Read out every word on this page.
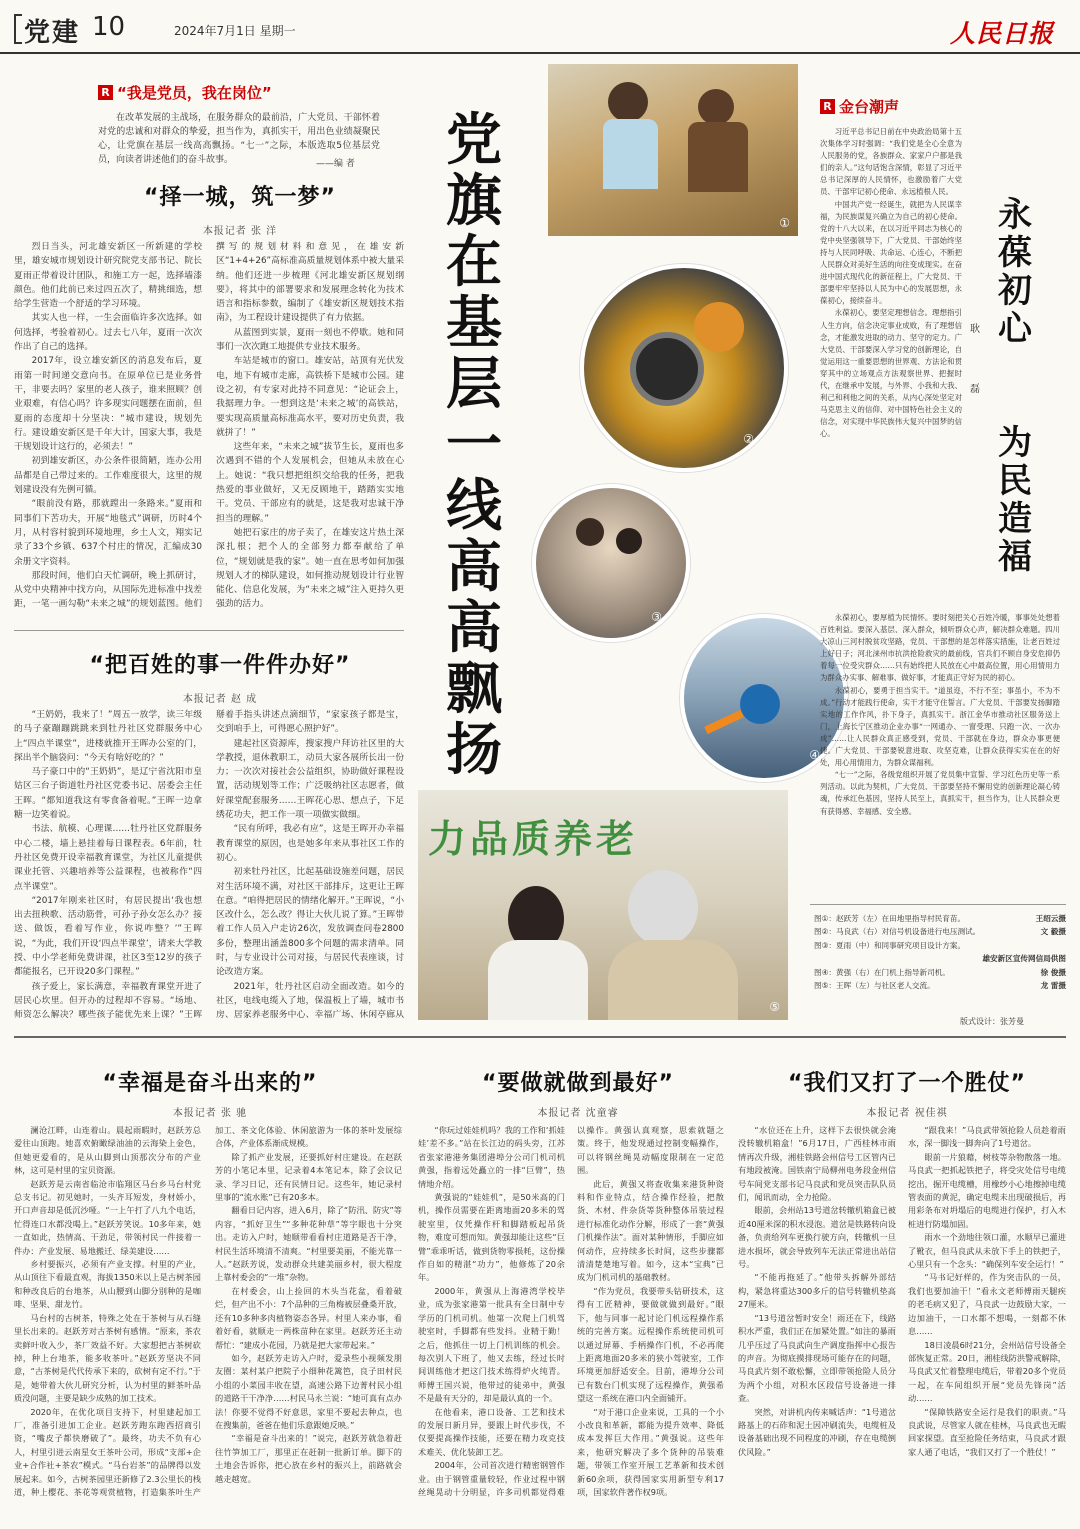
党建 10	2024年7月1日 星期一	人民日报
R “我是党员，我在岗位”
在改革发展的主战场，在服务群众的最前沿，广大党员、干部怀着对党的忠诚和对群众的挚爱，担当作为，真抓实干，用出色业绩凝聚民心，让党旗在基层一线高高飘扬。“七一”之际，本版选取5位基层党员，向读者讲述他们的奋斗故事。	——编 者
“择一城，筑一梦”
本报记者 张 洋

烈日当头，河北雄安新区一所新建的学校里，雄安城市规划设计研究院党支部书记、院长夏雨正带着设计团队，和施工方一起，选择墙漆颜色。他们此前已来过四五次了，精挑细选，想给学生营造一个舒适的学习环境。

其实人也一样，一生会面临许多次选择。如何选择，考验着初心。过去七八年，夏雨一次次作出了自己的选择。

2017年，设立雄安新区的消息发布后，夏雨第一时间递交意向书。在原单位已是业务骨干，非要去吗？家里的老人孩子，谁来照顾？创业艰难，有信心吗？许多现实问题摆在面前，但夏雨的态度却十分坚决：“城市建设，规划先行。建设雄安新区是千年大计，国家大事，我是干规划设计这行的，必须去！”

初到雄安新区，办公条件很简陋，连办公用品都是自己带过来的。工作难度很大，这里的规划建设没有先例可循。

“眼前没有路，那就蹚出一条路来。”夏雨和同事们下苦功夫，开展“地毯式”调研，历时4个月，从村容村貌到环境地理，乡土人文，翔实记录了33个乡镇、637个村庄的情况，汇编成30余册文字资料。

那段时间，他们白天忙调研，晚上抓研讨，从党中央精神中找方向，从国际先进标准中找差距，一笔一画勾勒“未来之城”的规划蓝图。他们撰写的规划材料和意见，在雄安新区“1+4+26”高标准高质量规划体系中被大量采纳。他们还进一步梳理《河北雄安新区规划纲要》，将其中的部署要求和发展理念转化为技术语言和指标参数，编制了《雄安新区规划技术指南》，为工程设计建设提供了有力依据。

从蓝图到实景，夏雨一刻也不停歇。她和同事们一次次跑工地提供专业技术服务。

车站是城市的窗口。雄安站，站顶有光伏发电，地下有城市走廊，高铁桥下是城市公园。建设之初，有专家对此持不同意见：“论证会上，我据理力争。一想到这是‘未来之城’的高铁站，要实现高质量高标准高水平，要对历史负责，我就拼了！”

这些年来，“未来之城”拔节生长，夏雨也多次遇到不错的个人发展机会，但她从未放在心上。她说：“我只想把组织交给我的任务，把我热爱的事业做好，又无反顾地干，踏踏实实地干。党员、干部应有的就是，这是我对忠诚干净担当的理解。”

她把石家庄的房子卖了，在雄安这片热土深深扎根；把个人的全部努力都奉献给了单位，“规划就是我的家”。她一直在思考如何加强规划人才的梯队建设，如何推动规划设计行业智能化、信息化发展，为“未来之城”注入更持久更强劲的活力。

“把百姓的事一件件办好”
本报记者 赵 成

“王奶奶，我来了！”周五一放学，读三年级的马子豪蹦蹦跳跳来到牡丹社区党群服务中心上“四点半课堂”，进楼就推开王晖办公室的门，探出半个脑袋问：“今天有啥好吃的？”

马子豪口中的“王奶奶”，是辽宁省沈阳市皇姑区三台子街道牡丹社区党委书记、居委会主任王晖。“都知道我这有零食备着呢。”王晖一边拿糖一边笑着说。

书法、航模、心理课……牡丹社区党群服务中心二楼，墙上悬挂着每日课程表。6年前，牡丹社区免费开设幸福教育课堂，为社区儿童提供课业托管、兴趣培养等公益课程，也被称作“四点半课堂”。

“2017年刚来社区时，有居民提出‘我也想出去扭秧歌、活动筋骨，可孙子孙女怎么办？接送、做饭，看着写作业，你说咋整？’”王晖说，“为此，我们开设‘四点半课堂’，请来大学教授、中小学老师免费讲课，社区3至12岁的孩子都能报名，已开设20多门课程。”

孩子爱上，家长满意，幸福教育课堂开进了居民心坎里。但开办的过程却不容易。“场地、师资怎么解决？哪些孩子能优先来上课？”王晖掰着手指头讲述点滴细节，“家家孩子都是宝，交到咱手上，可得愿心照护好”。

建起社区资源库，搜家搜户拜访社区里的大学教授，退休教职工，动员大家各展所长出一份力；一次次对接社会公益组织，协助做好课程设置，活动规划等工作；广泛吸纳社区志愿者，做好课堂配套服务……王晖花心思、想点子，下足绣花功夫，把工作一项一项做实做细。

“民有所呼，我必有应”，这是王晖开办幸福教育课堂的原因，也是她多年来从事社区工作的初心。

初来牡丹社区，比起基础设施差问题，居民对生活环境不满，对社区干部排斥，这更让王晖在意。“咱得把居民的情绪化解开。”王晖说，“小区改什么，怎么改？得让大伙儿说了算。”王晖带着工作人员入户走访26次，发放调查问卷2800多份，整理出涵盖800多个问题的需求清单。同时，与专业设计公司对接，与居民代表座谈，讨论改造方案。

2021年，牡丹社区启动全面改造。如今的社区，电线电缆入了地，保温板上了墙，城市书房、居家养老服务中心、幸福广场、休闲亭廊从

党
旗
在
基
层
一
线
高
高
飘
扬
①
②
③
④
力品质养老
⑤
R 金台潮声
永
葆
初
心

为
民
造
福
耿

磊

习近平总书记日前在中央政治局第十五次集体学习时强调：“我们党是全心全意为人民服务的党，各族群众、家家户户都是我们的亲人。”这句话饱含深情，彰显了习近平总书记深厚的人民情怀，也激励着广大党员、干部牢记初心使命、永远植根人民。

中国共产党一经诞生，就把为人民谋幸福，为民族谋复兴确立为自己的初心使命。党的十八大以来，在以习近平同志为核心的党中央坚强领导下，广大党员、干部始终坚持与人民同呼吸、共命运、心连心，不断把人民群众对美好生活的向往变成现实。在奋进中国式现代化的新征程上，广大党员、干部要牢牢坚持以人民为中心的发展思想，永葆初心，接续奋斗。

永葆初心，要坚定理想信念。理想指引人生方向，信念决定事业成败，有了理想信念，才能激发进取的动力、坚守的定力。广大党员、干部要深入学习党的创新理论，自觉运用这一重要思想的世界观、方法论和贯穿其中的立场观点方法观察世界、把握时代，在继承中发展，与外界、小我和大我、利己和利他之间的关系，从内心深处坚定对马克思主义的信仰、对中国特色社会主义的信念，对实现中华民族伟大复兴中国梦的信心。

永葆初心，要厚植为民情怀。要时刻把关心百姓冷暖，事事处处想着百姓利益。要深入基层、深入群众，倾听群众心声，解决群众难题。四川大凉山三河村脱贫攻坚路，党员、干部想的是怎样落实措施，让老百姓过上好日子；河北涞州市抗洪抢险救灾的最前线，官兵们不顾自身安危抑仍着每一位受灾群众……只有始终把人民放在心中最高位置，用心用情用力为群众办实事、解难事、做好事，才能真正守好为民的初心。

永葆初心，要勇于担当实干。“道虽迩，不行不至；事虽小，不为不成。”行动才能践行使命，实干才能守住誓言。广大党员、干部要发扬脚踏实地的工作作风，扑下身子，真抓实干。浙江金华市推动社区服务送上门，上海长宁区推动企业办事“一网通办、一窗受理、只跑一次、一次办成”……让人民群众真正感受到，党员、干部就在身边，群众办事更便捷。广大党员、干部要锐意进取、攻坚克难，让群众获得实实在在的好处，用心用情用力，为群众谋福利。

“七一”之际，各级党组织开展了党员集中宣誓、学习红色历史等一系列活动。以此为契机，广大党员、干部要坚持不懈用党的创新理论凝心铸魂，传承红色基因，坚持人民至上，真抓实干，担当作为，让人民群众更有获得感、幸福感、安全感。

图①：赵跃芳（左）在田地里指导村民育苗。	王绍云摄
图②：马良武（右）对信号机设备进行电压测试。	文 毅摄
图③：夏雨（中）和同事研究项目设计方案。
雄安新区宣传网信局供图
图④：黄强（右）在门机上指导新司机。	徐 俊摄
图⑤：王晖（左）与社区老人交流。	龙 雷摄
版式设计：张芳曼
“幸福是奋斗出来的”
本报记者 张 驰

澜沧江畔，山连着山。晨起雨暇时，赵跃芳总爱往山顶跑。她喜欢俯瞰绿油油的云海染上金色，但她更爱看的，是从山脚到山顶那次分布的产业林，这可是村里的宝贝资源。

赵跃芳是云南省临沧市临翔区马台乡马台村党总支书记。初见她时，一头齐耳短发，身材娇小，开口声音却是低沉沙哑。“一上午打了八九个电话，忙得连口水都没喝上。”赵跃芳笑说。10多年来，她一直如此，热情高、干劲足，带领村民一件接着一件办：产业发展、易地搬迁、绿美建设……

乡村要振兴，必须有产业支撑。村里的产业，从山顶往下看最直观，海拔1350米以上是古树茶园和种改良后的台地茶，从山腰到山脚分别种的是咖啡、坚果、甜龙竹。

马台村的古树茶，特殊之处在于茶树与从石缝里长出来的。赵跃芳对古茶树有感情。“原来，茶农卖鲜叶收入少，茶厂效益不好。大家想把古茶树砍掉，种上台地茶，能多收茶叶。”赵跃芳坚决不同意，“古茶树是代代传承下来的，砍树有定不行。”于是，她带着大伙儿研究分析，认为村里的鲜茶叶品质没问题，主要是缺少成熟的加工技术。

2020年，在优化项目支持下，村里建起加工厂，准备引进加工企业。赵跃芳跑东跑西招商引资，“嘴皮子都快磨破了”。最终，功夫不负有心人，村里引进云南星女王茶叶公司，形成“支部+企业+合作社+茶农”模式。“马台岩茶”的品牌得以发展起来。如今，古树茶园里还新修了2.3公里长的栈道，种上樱花、茶花等观赏植物，打造集茶叶生产加工、茶文化体验、休闲旅游为一体的茶叶发展综合体，产业体系渐成规模。

除了抓产业发展，还要抓好村庄建设。在赵跃芳的小笔记本里，记录着4本笔记本，除了会议记录、学习日记，还有民情日记。这些年，她记录村里事的“流水账”已有20多本。

翻看日记内容，进入6月，除了“防汛、防灾”等内容，“抓好卫生”“多种花种草”等字眼也十分突出。走访入户时，她顺带看看村庄道路是否干净，村民生活环境清不清爽。“村里要美丽，不能光靠一人。”赵跃芳说，发动群众共建美丽乡村，很大程度上靠村委会的“一堆”杂物。

在村委会，山上捡回的木头当花盆，看着破烂，但产出不小：7个品种的三角梅被层叠桑开放，还有10多种多肉植物姿态各异。村里人来办事，看着好看，就顺走一两株苗种在家里。赵跃芳还主动帮忙：“建成小花园，乃就是把大家带起来。”

如今，赵跃芳走访入户时，爱录些小视频发朋友圈：某村某户把院子小细种花篱笆，良子田村民小组的小菜园丰收在望，高速公路下边菁村民小组的道路干干净净……村民马永兰说：“她可真有点办法！你要不觉得不好意思，家里不要起去种点，也在搜集前，爸爸在他们乐意跟她反映。”

“幸福是奋斗出来的！”说完，赵跃芳就急着赶往竹笋加工厂，那里正在赶制一批新订单。脚下的土地会告诉你，把心放在乡村的振兴上，前路就会越走越宽。

“要做就做到最好”
本报记者 沈童睿

“你玩过娃娃机吗？我的工作和‘抓娃娃’差不多。”站在长江边的码头旁，江苏省张家港港务集团港埠分公司门机司机黄强，指着远处矗立的一排“巨臂”，热情地介绍。

黄强说的“娃娃机”，是50米高的门机，操作员需要在距离地面20多米的驾驶室里，仅凭操作杆和脚踏板起吊货物，难度可想而知。黄强却能让这些“巨臂”乖乖听话，做到货物零损耗，这份操作自如的精湛“功力”，他修炼了20余年。

2000年，黄强从上海港湾学校毕业，成为张家港第一批具有全日制中专学历的门机司机。他第一次爬上门机驾驶室时，手脚都有些发抖。业精于勤！之后，他抓住一切上门机训练的机会。每次别人下班了，他又去练，经过长时间训练他才把这门技术练得炉火纯青。师傅王国兴说，他带过的徒弟中，黄强不是最有天分的，却是最认真的一个。

在他看来，港口设备、工艺和技术的发展日新月异，要跟上时代步伐，不仅要提高操作技能，还要在精力攻克技术难关、优化装卸工艺。

2004年，公司首次进行精密钢管作业。由于钢管重量较轻，作业过程中钢丝绳晃动十分明显，许多司机都觉得难以操作。黄强认真观察，思索就题之策。终于，他发现通过控制变幅操作，可以将钢丝绳晃动幅度限制在一定范围。

此后，黄强又将查收集来港货种资料和作业特点，结合操作经验，把散货、木材、件杂货等货种整体吊装过程进行标准化动作分解，形成了一套“黄强门机操作法”。面对某种情形，手脚应如何动作，应持续多长时间，这些步骤都清清楚楚地写着。如今，这本“宝典”已成为门机司机的基础教材。

“作为党员，我要带头钻研技术，这得有工匠精神，要做就做到最好。”眼下，他与同事一起讨论门机远程操作系统的完善方案。远程操作系统使司机可以通过屏幕、手柄操作门机，不必再爬上距离地面20多米的狭小驾驶室，工作环境更加舒适安全。目前，港埠分公司已有数台门机实现了远程操作，黄强希望这一系统在港口内全面铺开。

“对于港口企业来说，工具的一个小小改良和革新，都能为提升效率、降低成本发挥巨大作用。”黄强说。这些年来，他研究解决了多个货种的吊装难题，带领工作室开展工艺革新和技术创新60余项，获得国家实用新型专利17项，国家软件著作权9项。

“我们又打了一个胜仗”
本报记者 祝佳祺

“水位还在上升，这样下去很快就会淹没转辙机箱盒！”6月17日，广西桂林市雨情再次升级，湘桂铁路会州信号工区管内已有地段被淹。国铁南宁局柳州电务段金州信号车间党支部书记马良武和党员突击队队员们，闻讯而动，全力抢险。

眼前，会州站13号道岔转辙机箱盒已被近40厘米深的积水浸泡。道岔是铁路转向设备，负责给列车更换行驶方向，转辙机一旦进水损坏，就会导致列车无法正常进出站信号。

“不能再拖延了。”他带头拆解外部结构，紧急将重达300多斤的信号转辙机垫高27厘米。

“13号道岔暂时安全！雨还在下，线路积水严重，我们正在加紧处置。”如注的暴雨几乎压过了马良武向生产调度指挥中心报告的声音。为彻底摸排现场可能存在的问题，马良武片刻不敢松懈，立即带领抢险人员分为两个小组，对积水区段信号设备进一排查。

突然，对讲机内传来喊话声：“1号道岔路基上的石砟和泥土因冲刷流失，电缆桩及设备基础出现不同程度的冲刷，存在电缆倒伏风险。”

“跟我来！”马良武带领抢险人员趁着雨水，深一脚浅一脚奔向了1号道岔。

眼前一片狼藉，树枝等杂物散落一地。马良武一把抓起铁把子，将受灾处信号电缆挖出，掘开电缆槽，用橡纱小心地擦掉电缆管表面的黄泥，确定电缆未出现破损后，再用彩条布对坍塌后的电缆进行保护，打入木桩进行防塌加固。

雨水一个劲地往领口灌，水顺早已灌进了靴衣，但马良武从未放下手上的铁把子，心里只有一个念头：“确保列车安全运行！”

“马书记好样的，作为突击队的一员，我们也要加油干！”看永文老师傅雨天腿疾的老毛病又犯了，马良武一边鼓励大家，一边加油干，一口水都不想喝，一刻都不休息……

18日凌晨6时21分，会州站信号设备全部恢复正常。20日，湘桂线防洪警戒解除，马良武又忙着整理电缆后，带着20多个党员一起，在车间组织开展“党员先锋岗”活动……

“保障铁路安全运行是我们的职责。”马良武说，尽管家人就在桂林，马良武也无暇回家探望。直至抢险任务结束，马良武才跟家人通了电话，“我们又打了一个胜仗！”
